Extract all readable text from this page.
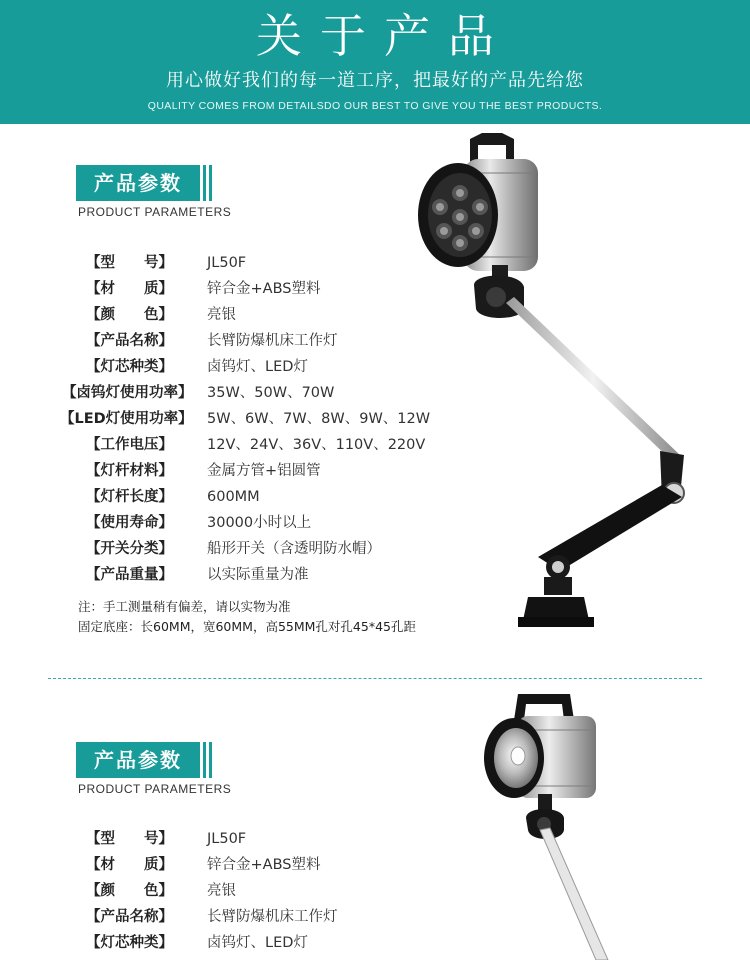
关于产品
用心做好我们的每一道工序，把最好的产品先给您
QUALITY COMES FROM DETAILSDO OUR BEST TO GIVE YOU THE BEST PRODUCTS.
产品参数
PRODUCT PARAMETERS
【型　　号】 JL50F
【材　　质】 锌合金+ABS塑料
【颜　　色】 亮银
【产品名称】 长臂防爆机床工作灯
【灯芯种类】 卤钨灯、LED灯
【卤钨灯使用功率】 35W、50W、70W
【LED灯使用功率】 5W、6W、7W、8W、9W、12W
【工作电压】 12V、24V、36V、110V、220V
【灯杆材料】 金属方管+铝圆管
【灯杆长度】 600MM
【使用寿命】 30000小时以上
【开关分类】 船形开关（含透明防水帽）
【产品重量】 以实际重量为准
注：手工测量稍有偏差，请以实物为准
固定底座：长60MM，宽60MM，高55MM孔对孔45*45孔距
产品参数
PRODUCT PARAMETERS
【型　　号】 JL50F
【材　　质】 锌合金+ABS塑料
【颜　　色】 亮银
【产品名称】 长臂防爆机床工作灯
【灯芯种类】 卤钨灯、LED灯
